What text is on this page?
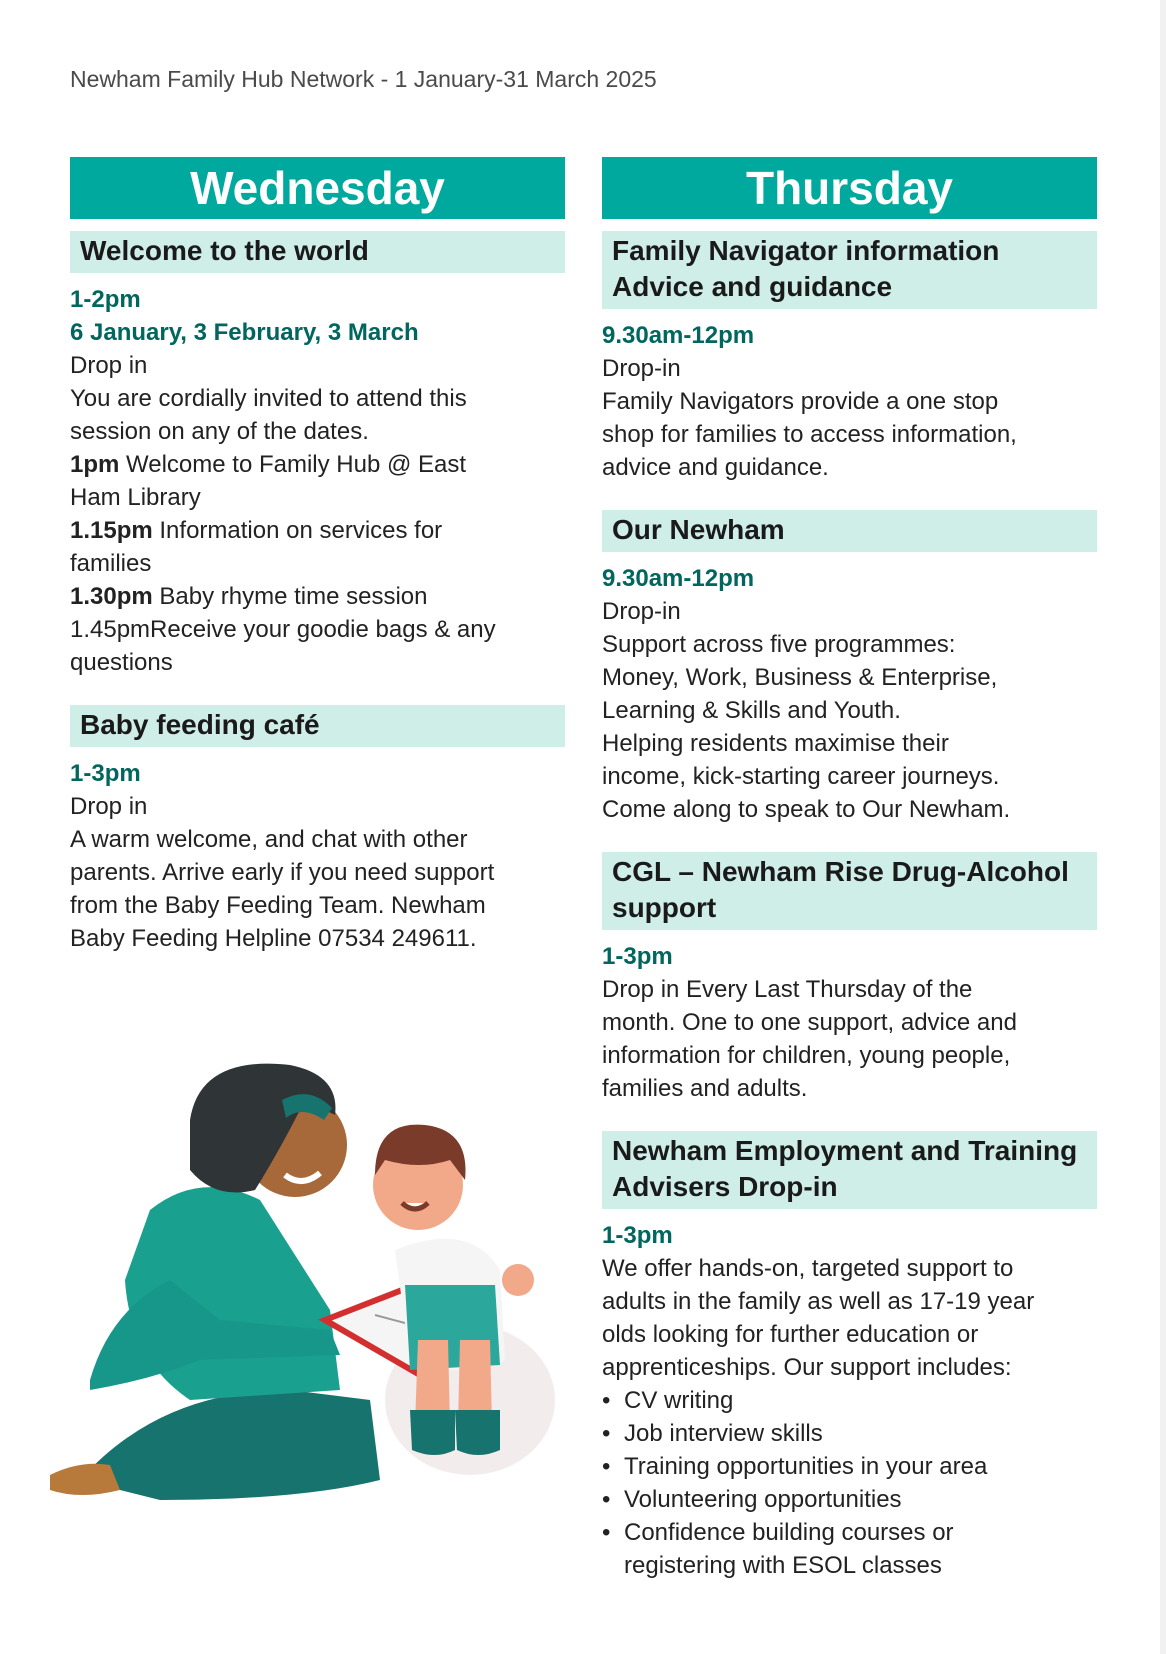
Newham Family Hub Network - 1 January-31 March 2025
Wednesday
Welcome to the world
1-2pm
6 January, 3 February, 3 March
Drop in
You are cordially invited to attend this
session on any of the dates.
1pm Welcome to Family Hub @ East
Ham Library
1.15pm Information on services for
families
1.30pm Baby rhyme time session
1.45pmReceive your goodie bags & any
questions
Baby feeding café
1-3pm
Drop in
A warm welcome, and chat with other
parents. Arrive early if you need support
from the Baby Feeding Team. Newham
Baby Feeding Helpline 07534 249611.
Thursday
Family Navigator information
Advice and guidance
9.30am-12pm
Drop-in
Family Navigators provide a one stop
shop for families to access information,
advice and guidance.
Our Newham
9.30am-12pm
Drop-in
Support across five programmes:
Money, Work, Business & Enterprise,
Learning & Skills and Youth.
Helping residents maximise their
income, kick-starting career journeys.
Come along to speak to Our Newham.
CGL – Newham Rise Drug-Alcohol
support
1-3pm
Drop in Every Last Thursday of the
month. One to one support, advice and
information for children, young people,
families and adults.
Newham Employment and Training
Advisers Drop-in
1-3pm
We offer hands-on, targeted support to
adults in the family as well as 17-19 year
olds looking for further education or
apprenticeships. Our support includes:
• CV writing
• Job interview skills
• Training opportunities in your area
• Volunteering opportunities
• Confidence building courses or
registering with ESOL classes
